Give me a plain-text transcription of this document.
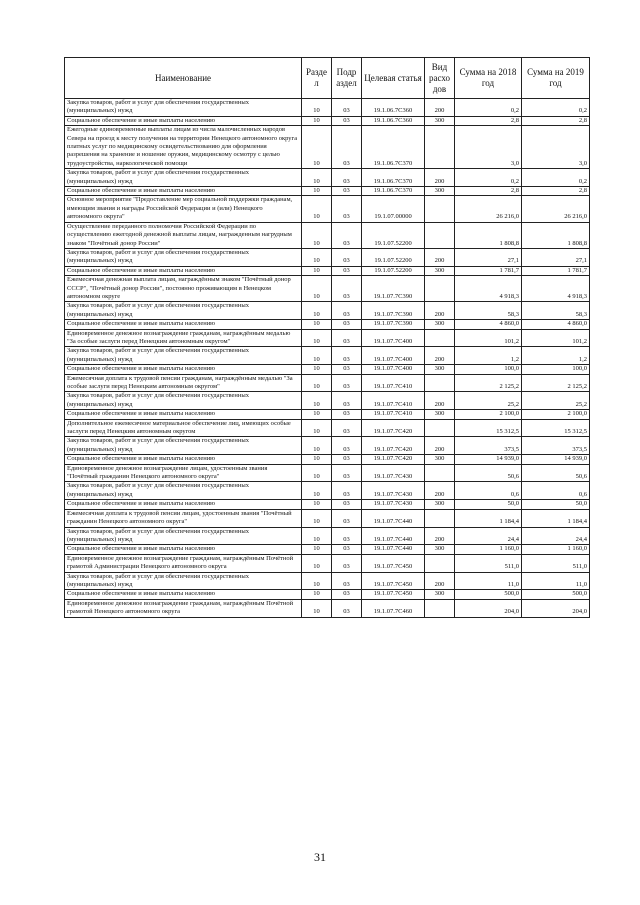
Наименование	Разде л	Подр аздел	Целевая статья	Вид расхо дов	Сумма на 2018 год	Сумма на 2019 год
Закупка товаров, работ и услуг для обеспечения государственных (муниципальных) нужд	10	03	19.1.06.7С360	200	0,2	0,2
Социальное обеспечение и иные выплаты населению	10	03	19.1.06.7С360	300	2,8	2,8
Ежегодные единовременные выплаты лицам из числа малочисленных народов Севера на проезд к месту получения на территории Ненецкого автономного округа платных услуг по медицинскому освидетельствованию для оформления разрешения на хранение и ношение оружия, медицинскому осмотру с целью трудоустройства, наркологической помощи	10	03	19.1.06.7С370		3,0	3,0
Закупка товаров, работ и услуг для обеспечения государственных (муниципальных) нужд	10	03	19.1.06.7С370	200	0,2	0,2
Социальное обеспечение и иные выплаты населению	10	03	19.1.06.7С370	300	2,8	2,8
Основное мероприятие "Предоставление мер социальной поддержки гражданам, имеющим звания и награды Российской Федерации и (или) Ненецкого автономного округа"	10	03	19.1.07.00000		26 216,0	26 216,0
Осуществление переданного полномочия Российской Федерации по осуществлению ежегодной денежной выплаты лицам, награжденным нагрудным знаком "Почётный донор России"	10	03	19.1.07.52200		1 808,8	1 808,8
Закупка товаров, работ и услуг для обеспечения государственных (муниципальных) нужд	10	03	19.1.07.52200	200	27,1	27,1
Социальное обеспечение и иные выплаты населению	10	03	19.1.07.52200	300	1 781,7	1 781,7
Ежемесячная денежная выплата лицам, награждённым знаком "Почётный донор СССР", "Почётный донор России", постоянно проживающим в Ненецком автономном округе	10	03	19.1.07.7С390		4 918,3	4 918,3
Закупка товаров, работ и услуг для обеспечения государственных (муниципальных) нужд	10	03	19.1.07.7С390	200	58,3	58,3
Социальное обеспечение и иные выплаты населению	10	03	19.1.07.7С390	300	4 860,0	4 860,0
Единовременное денежное вознаграждение гражданам, награждённым медалью "За особые заслуги перед Ненецким автономным округом"	10	03	19.1.07.7С400		101,2	101,2
Закупка товаров, работ и услуг для обеспечения государственных (муниципальных) нужд	10	03	19.1.07.7С400	200	1,2	1,2
Социальное обеспечение и иные выплаты населению	10	03	19.1.07.7С400	300	100,0	100,0
Ежемесячная доплата к трудовой пенсии гражданам, награждённым медалью "За особые заслуги перед Ненецким автономным округом"	10	03	19.1.07.7С410		2 125,2	2 125,2
Закупка товаров, работ и услуг для обеспечения государственных (муниципальных) нужд	10	03	19.1.07.7С410	200	25,2	25,2
Социальное обеспечение и иные выплаты населению	10	03	19.1.07.7С410	300	2 100,0	2 100,0
Дополнительное ежемесячное материальное обеспечение лиц, имеющих особые заслуги перед Ненецким автономным округом	10	03	19.1.07.7С420		15 312,5	15 312,5
Закупка товаров, работ и услуг для обеспечения государственных (муниципальных) нужд	10	03	19.1.07.7С420	200	373,5	373,5
Социальное обеспечение и иные выплаты населению	10	03	19.1.07.7С420	300	14 939,0	14 939,0
Единовременное денежное вознаграждение лицам, удостоенным звания "Почётный гражданин Ненецкого автономного округа"	10	03	19.1.07.7С430		50,6	50,6
Закупка товаров, работ и услуг для обеспечения государственных (муниципальных) нужд	10	03	19.1.07.7С430	200	0,6	0,6
Социальное обеспечение и иные выплаты населению	10	03	19.1.07.7С430	300	50,0	50,0
Ежемесячная доплата к трудовой пенсии лицам, удостоенным звания "Почётный гражданин Ненецкого автономного округа"	10	03	19.1.07.7С440		1 184,4	1 184,4
Закупка товаров, работ и услуг для обеспечения государственных (муниципальных) нужд	10	03	19.1.07.7С440	200	24,4	24,4
Социальное обеспечение и иные выплаты населению	10	03	19.1.07.7С440	300	1 160,0	1 160,0
Единовременное денежное вознаграждение гражданам, награждённым Почётной грамотой Администрации Ненецкого автономного округа	10	03	19.1.07.7С450		511,0	511,0
Закупка товаров, работ и услуг для обеспечения государственных (муниципальных) нужд	10	03	19.1.07.7С450	200	11,0	11,0
Социальное обеспечение и иные выплаты населению	10	03	19.1.07.7С450	300	500,0	500,0
Единовременное денежное вознаграждение гражданам, награждённым Почётной грамотой Ненецкого автономного округа	10	03	19.1.07.7С460		204,0	204,0
31
